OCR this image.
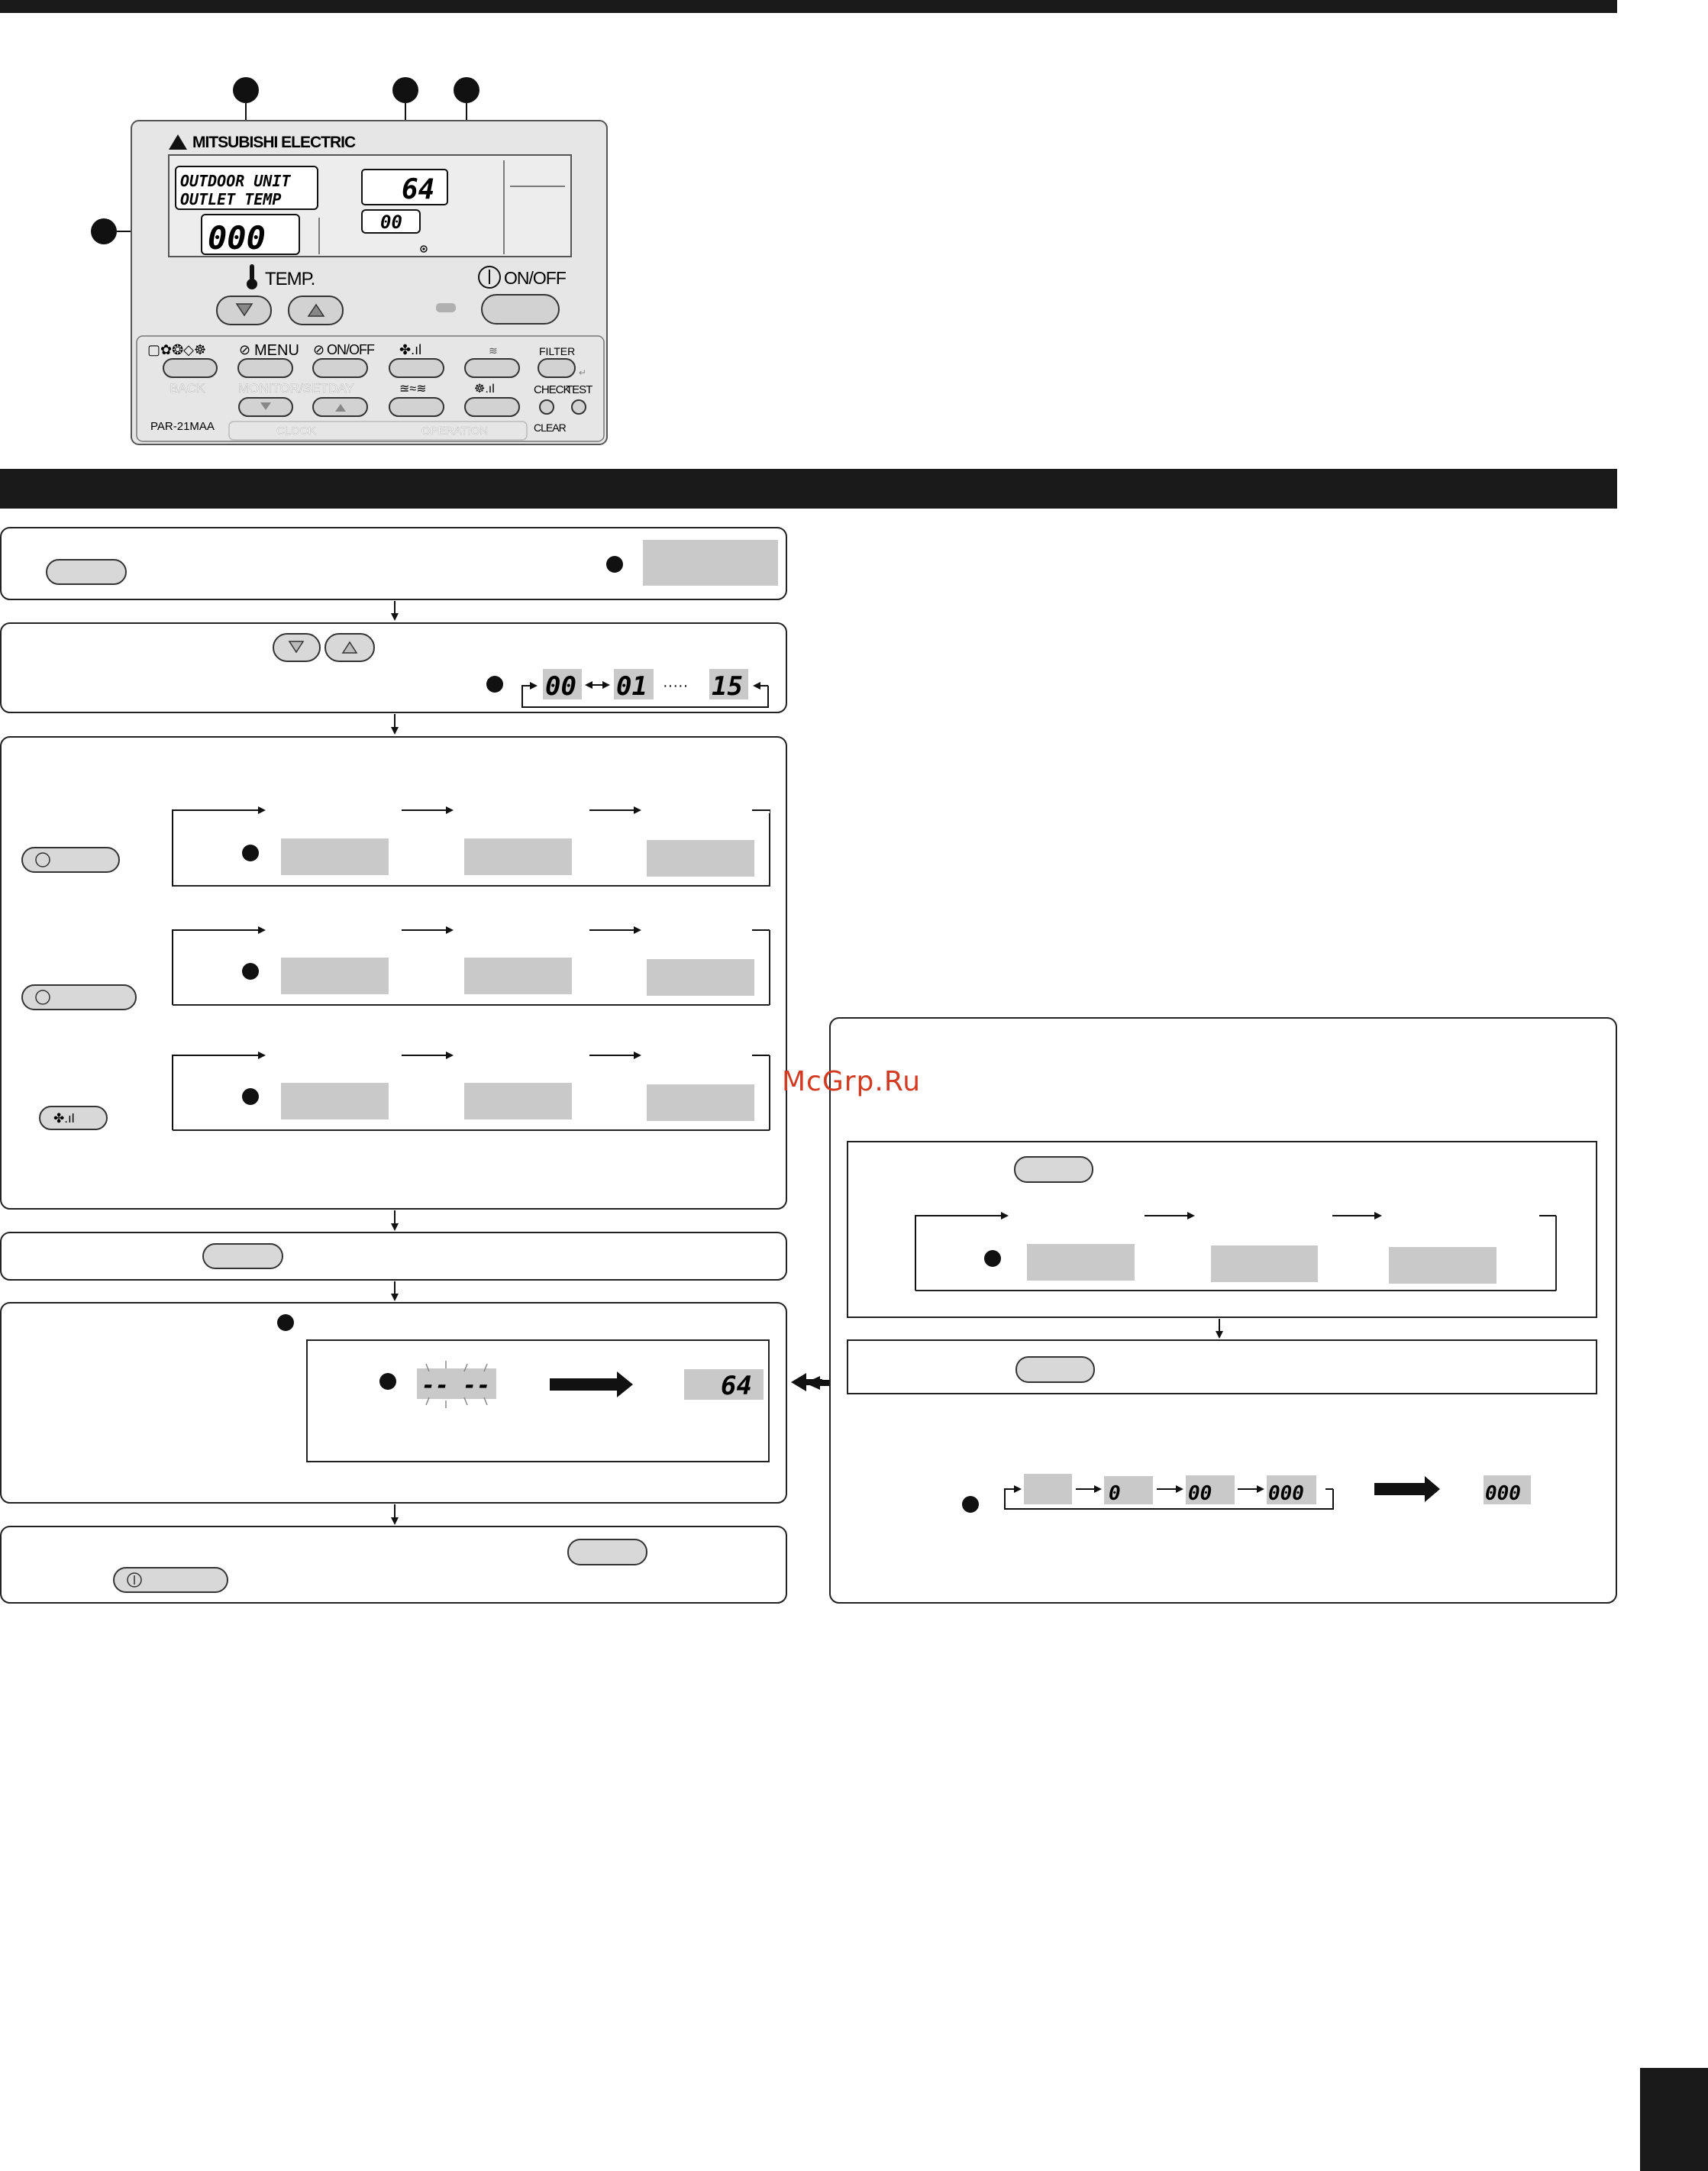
MITSUBISHI ELECTRIC
OUTDOOR UNIT
OUTLET TEMP
000
64
00
TEMP.	ON/OFF
▢✿❂◇☸ ⊘ MENU ⊘ ON/OFF ✤.ıl	≋	FILTER
↵
BACK	MONITOR/SET DAY	≊≈≋	☸.ıl	CHECK
TEST
PAR-21MAA	CLOCK	OPERATION	CLEAR
00 01 ····· 15
✤.ıl
-- --	64
0	00	000	000
McGrp.Ru
